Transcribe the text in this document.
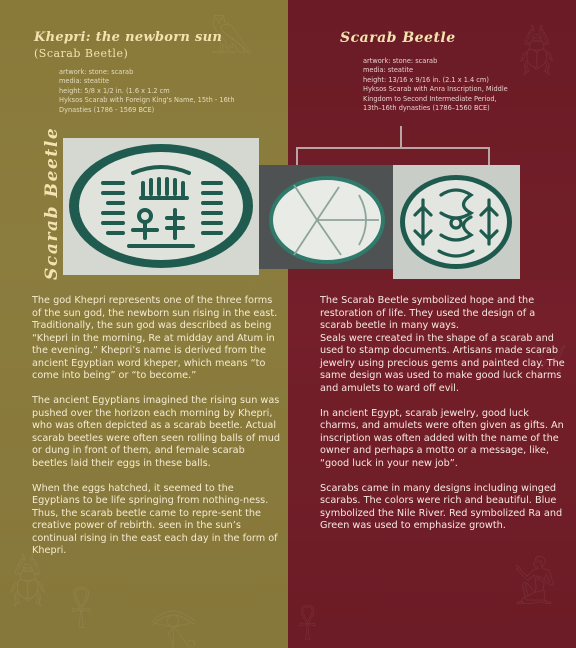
𓅓
𓆣
𓋹 𓂀
𓆣
𓃾
𓀀
𓋹
Khepri: the newborn sun
(Scarab Beetle)
Scarab Beetle
artwork: stone: scarab
media: steatite
height: 5/8 x 1/2 in. (1.6 x 1.2 cm
Hyksos Scarab with Foreign King's Name, 15th - 16th
Dynasties (1786 - 1569 BCE)
artwork: stone: scarab
media: steatite
height: 13/16 x 9/16 in. (2.1 x 1.4 cm)
Hyksos Scarab with Anra Inscription, Middle
Kingdom to Second Intermediate Period,
13th–16th dynasties (1786–1560 BCE)
Scarab Beetle

The god Khepri represents one of the three forms of the sun god, the newborn sun rising in the east. Traditionally, the sun god was described as being “Khepri in the morning, Re at midday and Atum in the evening.” Khepri’s name is derived from the ancient Egyptian word kheper, which means “to come into being” or “to become.”

The ancient Egyptians imagined the rising sun was pushed over the horizon each morning by Khepri, who was often depicted as a scarab beetle. Actual scarab beetles were often seen rolling balls of mud or dung in front of them, and female scarab beetles laid their eggs in these balls.

When the eggs hatched, it seemed to the Egyptians to be life springing from nothing-ness. Thus, the scarab beetle came to repre-sent the creative power of rebirth. seen in the sun’s continual rising in the east each day in the form of Khepri.

The Scarab Beetle symbolized hope and the restoration of life. They used the design of a scarab beetle in many ways.
Seals were created in the shape of a scarab and used to stamp documents. Artisans made scarab jewelry using precious gems and painted clay. The same design was used to make good luck charms and amulets to ward off evil.

In ancient Egypt, scarab jewelry, good luck charms, and amulets were often given as gifts. An inscription was often added with the name of the owner and perhaps a motto or a message, like, “good luck in your new job”.

Scarabs came in many designs including winged scarabs. The colors were rich and beautiful. Blue symbolized the Nile River. Red symbolized Ra and Green was used to emphasize growth.
